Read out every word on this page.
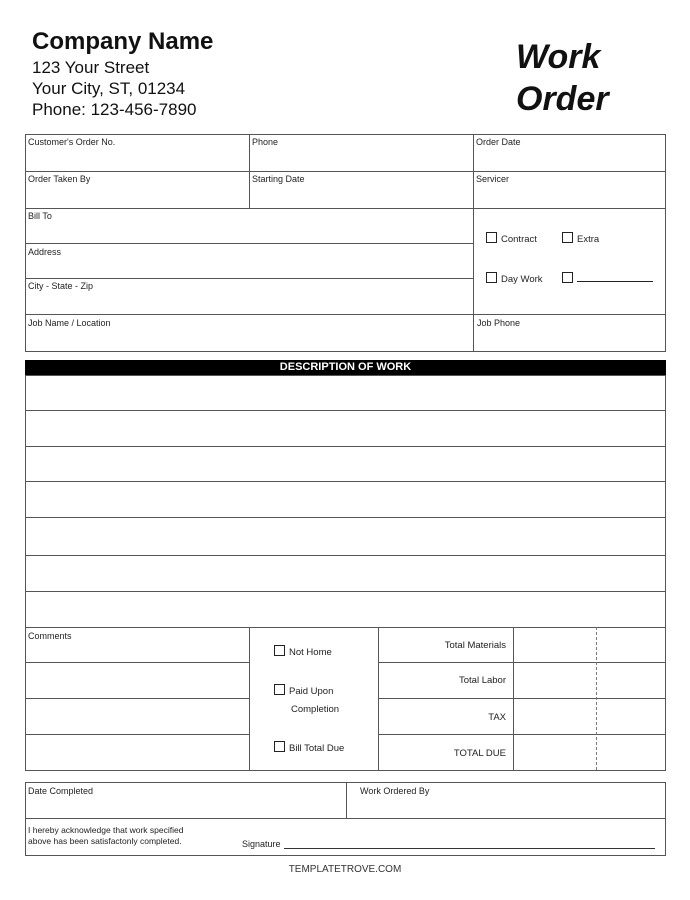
Company Name
123 Your Street
Your City, ST, 01234
Phone: 123-456-7890
Work
Order
Customer's Order No.	Phone	Order Date
Order Taken By	Starting Date	Servicer
Bill To
Address
City - State - Zip
Job Name / Location	Job Phone
Contract	Extra
Day Work
DESCRIPTION OF WORK
Comments
Not Home
Paid Upon
Completion
Bill Total Due
Total Materials
Total Labor
TAX
TOTAL DUE
Date Completed	Work Ordered By
I hereby acknowledge that work specified
above has been satisfactonly completed.	Signature
TEMPLATETROVE.COM
